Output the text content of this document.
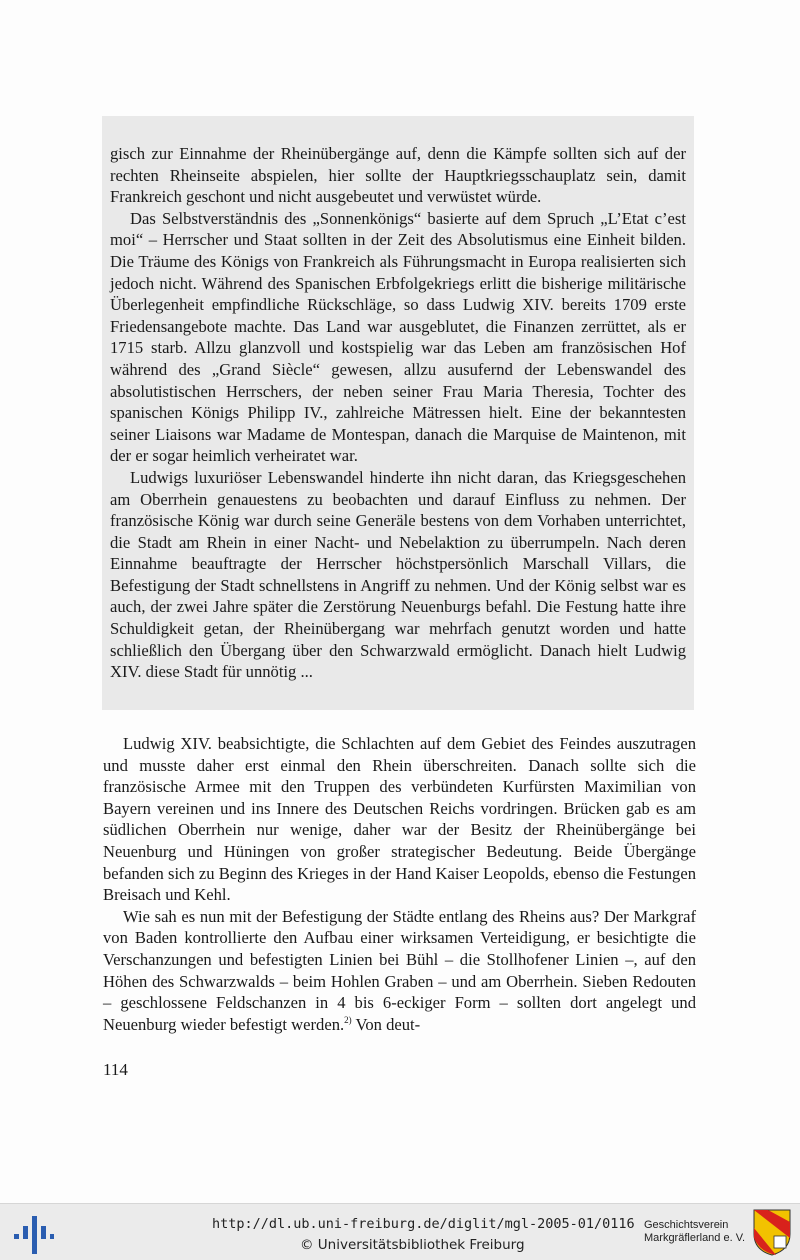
gisch zur Einnahme der Rheinübergänge auf, denn die Kämpfe sollten sich auf der rechten Rheinseite abspielen, hier sollte der Hauptkriegsschauplatz sein, damit Frankreich geschont und nicht ausgebeutet und verwüstet würde.

Das Selbstverständnis des „Sonnenkönigs“ basierte auf dem Spruch „L’Etat c’est moi“ – Herrscher und Staat sollten in der Zeit des Absolutismus eine Einheit bilden. Die Träume des Königs von Frankreich als Führungsmacht in Europa realisierten sich jedoch nicht. Während des Spanischen Erbfolgekriegs erlitt die bisherige militärische Überlegenheit empfindliche Rückschläge, so dass Ludwig XIV. bereits 1709 erste Friedensangebote machte. Das Land war ausgeblutet, die Finanzen zerrüttet, als er 1715 starb. Allzu glanzvoll und kostspielig war das Leben am französischen Hof während des „Grand Siècle“ gewesen, allzu ausufernd der Lebenswandel des absolutistischen Herrschers, der neben seiner Frau Maria Theresia, Tochter des spanischen Königs Philipp IV., zahlreiche Mätressen hielt. Eine der bekanntesten seiner Liaisons war Madame de Montespan, danach die Marquise de Maintenon, mit der er sogar heimlich verheiratet war.

Ludwigs luxuriöser Lebenswandel hinderte ihn nicht daran, das Kriegsgeschehen am Oberrhein genauestens zu beobachten und darauf Einfluss zu nehmen. Der französische König war durch seine Generäle bestens von dem Vorhaben unterrichtet, die Stadt am Rhein in einer Nacht- und Nebelaktion zu überrumpeln. Nach deren Einnahme beauftragte der Herrscher höchstpersönlich Marschall Villars, die Befestigung der Stadt schnellstens in Angriff zu nehmen. Und der König selbst war es auch, der zwei Jahre später die Zerstörung Neuenburgs befahl. Die Festung hatte ihre Schuldigkeit getan, der Rheinübergang war mehrfach genutzt worden und hatte schließlich den Übergang über den Schwarzwald ermöglicht. Danach hielt Ludwig XIV. diese Stadt für unnötig ...

Ludwig XIV. beabsichtigte, die Schlachten auf dem Gebiet des Feindes auszutragen und musste daher erst einmal den Rhein überschreiten. Danach sollte sich die französische Armee mit den Truppen des verbündeten Kurfürsten Maximilian von Bayern vereinen und ins Innere des Deutschen Reichs vordringen. Brücken gab es am südlichen Oberrhein nur wenige, daher war der Besitz der Rheinübergänge bei Neuenburg und Hüningen von großer strategischer Bedeutung. Beide Übergänge befanden sich zu Beginn des Krieges in der Hand Kaiser Leopolds, ebenso die Festungen Breisach und Kehl.

Wie sah es nun mit der Befestigung der Städte entlang des Rheins aus? Der Markgraf von Baden kontrollierte den Aufbau einer wirksamen Verteidigung, er besichtigte die Verschanzungen und befestigten Linien bei Bühl – die Stollhofener Linien –, auf den Höhen des Schwarzwalds – beim Hohlen Graben – und am Oberrhein. Sieben Redouten – geschlossene Feldschanzen in 4 bis 6-eckiger Form – sollten dort angelegt und Neuenburg wieder befestigt werden.$^{2)}$ Von deut-

114
http://dl.ub.uni-freiburg.de/diglit/mgl-2005-01/0116
© Universitätsbibliothek Freiburg
Geschichtsverein
Markgräflerland e. V.
